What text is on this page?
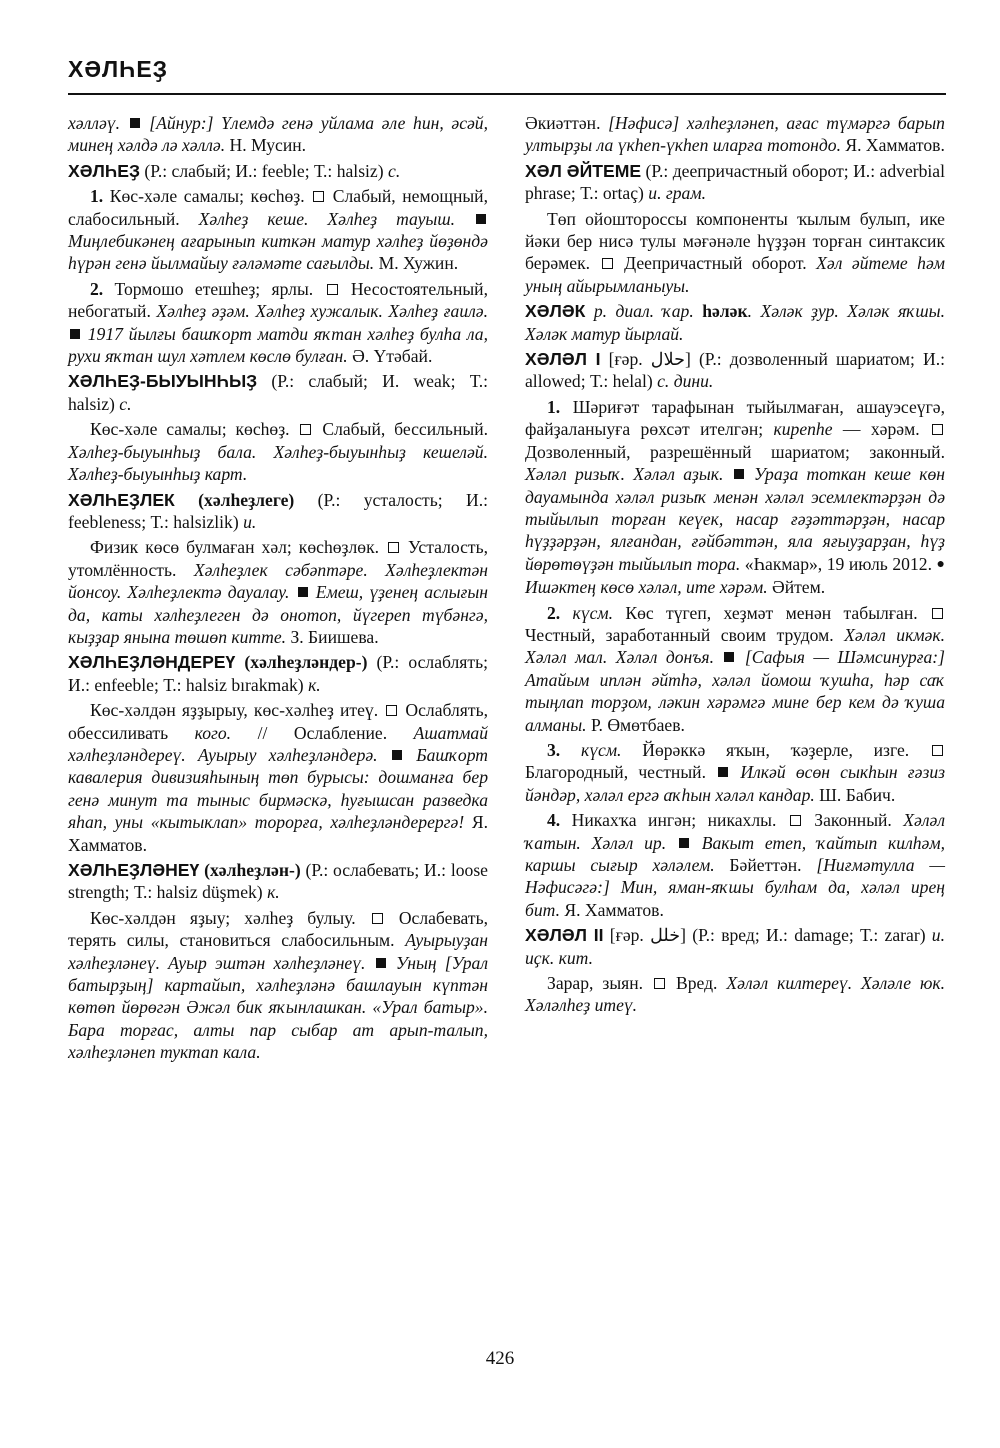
ХӘЛҺЕҘ

хәлләү. [Айнур:] Үлемдә генә уйлама әле һин, әсәй, минең хәлдә лә хәллә. Н. Мусин.

ХӘЛҺЕҘ (Р.: слабый; И.: feeble; Т.: halsiz) с.

1. Көс-хәле самалы; көсһөҙ.  Слабый, немощный, слабосильный. Хәлһеҙ кеше. Хәлһеҙ тауыш.  Миңлебикәнең ағарынып киткән матур хәлһеҙ йөҙөндә һүрән генә йылмайыу ғәләмәте сағылды. М. Хужин.

2. Тормошо етешһеҙ; ярлы.  Несостоятельный, небогатый. Хәлһеҙ әҙәм. Хәлһеҙ хужалык. Хәлһеҙ ғаилә.  1917 йылғы башҡорт матди яҡтан хәлһеҙ булһа ла, рухи яҡтан шул хәтлем көслө булған. Ә. Үтәбай.

ХӘЛҺЕҘ-БЫУЫНҺЫҘ (Р.: слабый; И. weak; Т.: halsiz) с.

Көс-хәле самалы; көсһөҙ.  Слабый, бессильный. Хәлһеҙ-быуынһыҙ бала. Хәлһеҙ-быуынһыҙ кешеләй. Хәлһеҙ-быуынһыҙ карт.

ХӘЛҺЕҘЛЕК (хәлһеҙлеге) (Р.: усталость; И.: feebleness; Т.: halsizlik) и.

Физик көсө булмаған хәл; көсһөҙлөк.  Усталость, утомлённость. Хәлһеҙлек сәбәптәре. Хәлһеҙлектән йонсоу. Хәлһеҙлектә дауалау. Емеш, үҙенең аслығын да, каты хәлһеҙлеген дә онотоп, йүгереп түбәнгә, кыҙҙар янына төшөп китте. З. Биишева.

ХӘЛҺЕҘЛӘНДЕРЕҮ (хәлһеҙләндер-) (Р.: ослаблять; И.: enfeeble; Т.: halsiz bırakmak) к.

Көс-хәлдән яҙҙырыу, көс-хәлһеҙ итеү.  Ослаблять, обессиливать кого. // Ослабление. Ашатмай хәлһеҙләндереү. Ауырыу хәлһеҙләндерә. Башҡорт кавалерия дивизияһының төп бурысы: дошманға бер генә минут та тыныс бирмәскә, һуғышсан разведка яһап, уны «кытыклап» торорға, хәлһеҙләндерергә! Я. Хамматов.

ХӘЛҺЕҘЛӘНЕҮ (хәлһеҙлән-) (Р.: ослабевать; И.: loose strength; Т.: halsiz düşmek) к.

Көс-хәлдән яҙыу; хәлһеҙ булыу.  Ослабевать, терять силы, становиться слабосильным. Ауырыуҙан хәлһеҙләнеү. Ауыр эштән хәлһеҙләнеү. Уның [Урал батырҙың] картайып, хәлһеҙләнә башлауын күптән көтөп йөрөгән Әжәл бик яҡынлашкан. «Урал батыр». Бара торғас, алты пар сыбар ат арып-талып, хәлһеҙләнеп туктап кала.

Әкиәттән. [Нәфисә] хәлһеҙләнеп, ағас түмәргә барып ултырҙы ла үкһеп-үкһеп иларға тотондо. Я. Хамматов.

ХӘЛ ӘЙТЕМЕ (Р.: деепричастный оборот; И.: adverbial phrase; Т.: ortaç) и. грам.

Төп ойошторoccы компоненты ҡылым булып, ике йәки бер нисә тулы мәғәнәле һүҙҙән торған синтаксик берәмек.  Деепричастный оборот. Хәл әйтеме һәм уның айырымланыуы.

ХӘЛӘК р. диал. ҡар. һәләк. Хәләк ҙур. Хәләк яҡшы. Хәләк матур йырлай.

ХӘЛӘЛ I [ғәр. حلال] (Р.: дозволенный шариатом; И.: allowed; Т.: helal) с. дини.

1. Шәриғәт тарафынан тыйылмаған, ашауэсеүгә, файҙаланыуға рөхсәт ителгән; кирепһе — хәрәм.  Дозволенный, разрешённый шариатом; законный. Хәләл ризыҡ. Хәләл аҙык. Ураҙа тоткан кеше көн дауамында хәләл ризыҡ менән хәләл эсемлектәрҙән дә тыйылып торған кеүек, насар ғәҙәттәрҙән, насар һүҙҙәрҙән, ялғандан, ғәйбәттән, яла яғыуҙарҙан, һүҙ йөрөтөүҙән тыйылып тора. «Һакмар», 19 июль 2012. ● Ишәктең көсө хәләл, ите хәрәм. Әйтем.

2. күсм. Көс түгеп, хеҙмәт менән табылған.  Честный, заработанный своим трудом. Хәләл икмәк. Хәләл мал. Хәләл донъя. [Сафыя — Шәмсинурға:] Атайым иплән әйтһә, хәләл йомош ҡушһа, һәр саҡ тыңлап торҙом, ләкин хәрәмгә мине бер кем дә ҡуша алманы. Р. Өмөтбаев.

3. күсм. Йөрәккә яҡын, ҡәҙерле, изге.  Благородный, честный.  Илкәй өсөн сыкһын ғәзиз йәндәр, хәләл ергә аҡһын хәләл кандар. Ш. Бабич.

4. Никахҡа ингән; никахлы.  Законный. Хәләл ҡатын. Хәләл ир. Вакыт етеп, ҡайтып килһәм, каршы сығыр хәләлем. Бәйеттән. [Ниғмәтулла — Нәфисәгә:] Мин, яман-яҡшы булһам да, хәләл ирең бит. Я. Хамматов.

ХӘЛӘЛ II [ғәр. خلل] (Р.: вред; И.: damage; Т.: zarar) и. иҫк. кит.

Зарар, зыян.  Вред. Хәләл килтереү. Хәләле юк. Хәләлһеҙ итеү.

426
